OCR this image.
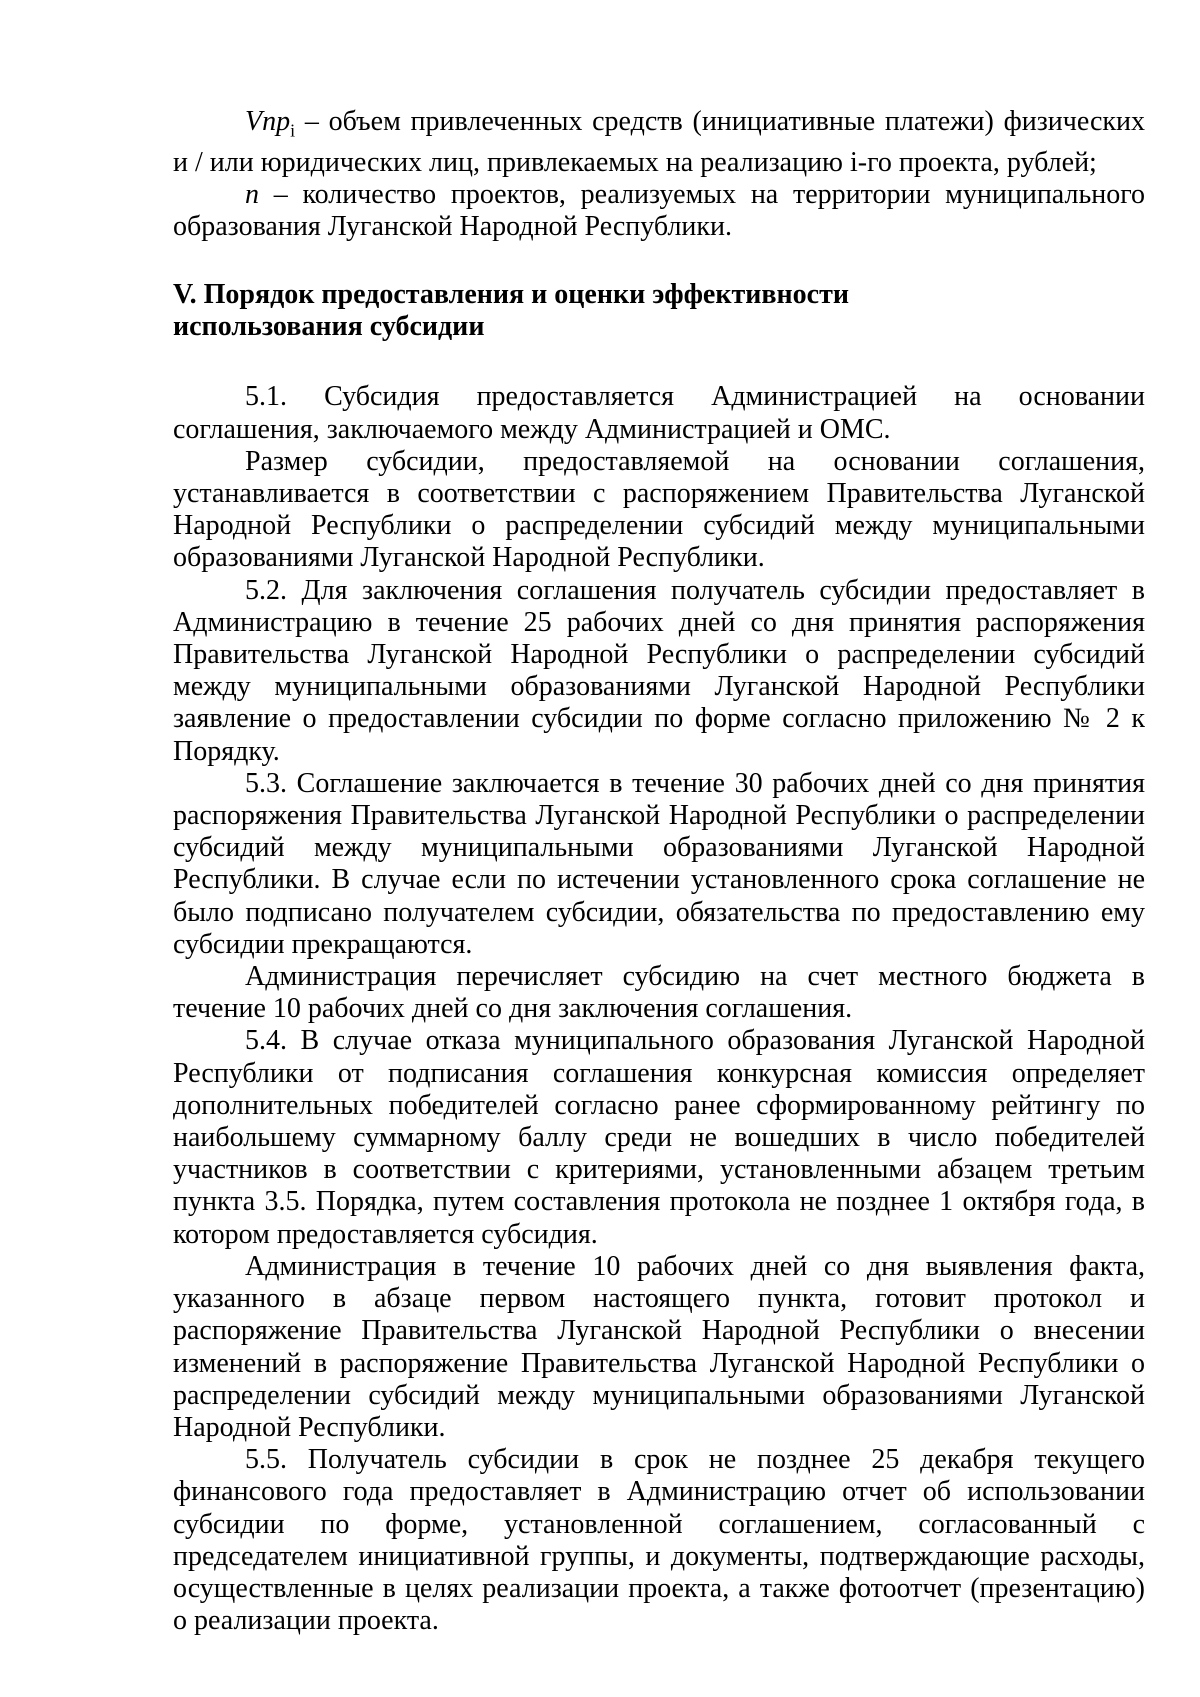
Vпр$_i$ – объем привлеченных средств (инициативные платежи) физических и / или юридических лиц, привлекаемых на реализацию i-го проекта, рублей;

n – количество проектов, реализуемых на территории муниципального образования Луганской Народной Республики.

V. Порядок предоставления и оценки эффективности
использования субсидии

5.1. Субсидия предоставляется Администрацией на основании соглашения, заключаемого между Администрацией и ОМС.

Размер субсидии, предоставляемой на основании соглашения, устанавливается в соответствии с распоряжением Правительства Луганской Народной Республики о распределении субсидий между муниципальными образованиями Луганской Народной Республики.

5.2. Для заключения соглашения получатель субсидии предоставляет в Администрацию в течение 25 рабочих дней со дня принятия распоряжения Правительства Луганской Народной Республики о распределении субсидий между муниципальными образованиями Луганской Народной Республики заявление о предоставлении субсидии по форме согласно приложению № 2 к Порядку.

5.3. Соглашение заключается в течение 30 рабочих дней со дня принятия распоряжения Правительства Луганской Народной Республики о распределении субсидий между муниципальными образованиями Луганской Народной Республики. В случае если по истечении установленного срока соглашение не было подписано получателем субсидии, обязательства по предоставлению ему субсидии прекращаются.

Администрация перечисляет субсидию на счет местного бюджета в течение 10 рабочих дней со дня заключения соглашения.

5.4. В случае отказа муниципального образования Луганской Народной Республики от подписания соглашения конкурсная комиссия определяет дополнительных победителей согласно ранее сформированному рейтингу по наибольшему суммарному баллу среди не вошедших в число победителей участников в соответствии с критериями, установленными абзацем третьим пункта 3.5. Порядка, путем составления протокола не позднее 1 октября года, в котором предоставляется субсидия.

Администрация в течение 10 рабочих дней со дня выявления факта, указанного в абзаце первом настоящего пункта, готовит протокол и распоряжение Правительства Луганской Народной Республики о внесении изменений в распоряжение Правительства Луганской Народной Республики о распределении субсидий между муниципальными образованиями Луганской Народной Республики.

5.5. Получатель субсидии в срок не позднее 25 декабря текущего финансового года предоставляет в Администрацию отчет об использовании субсидии по форме, установленной соглашением, согласованный с председателем инициативной группы, и документы, подтверждающие расходы, осуществленные в целях реализации проекта, а также фотоотчет (презентацию) о реализации проекта.
